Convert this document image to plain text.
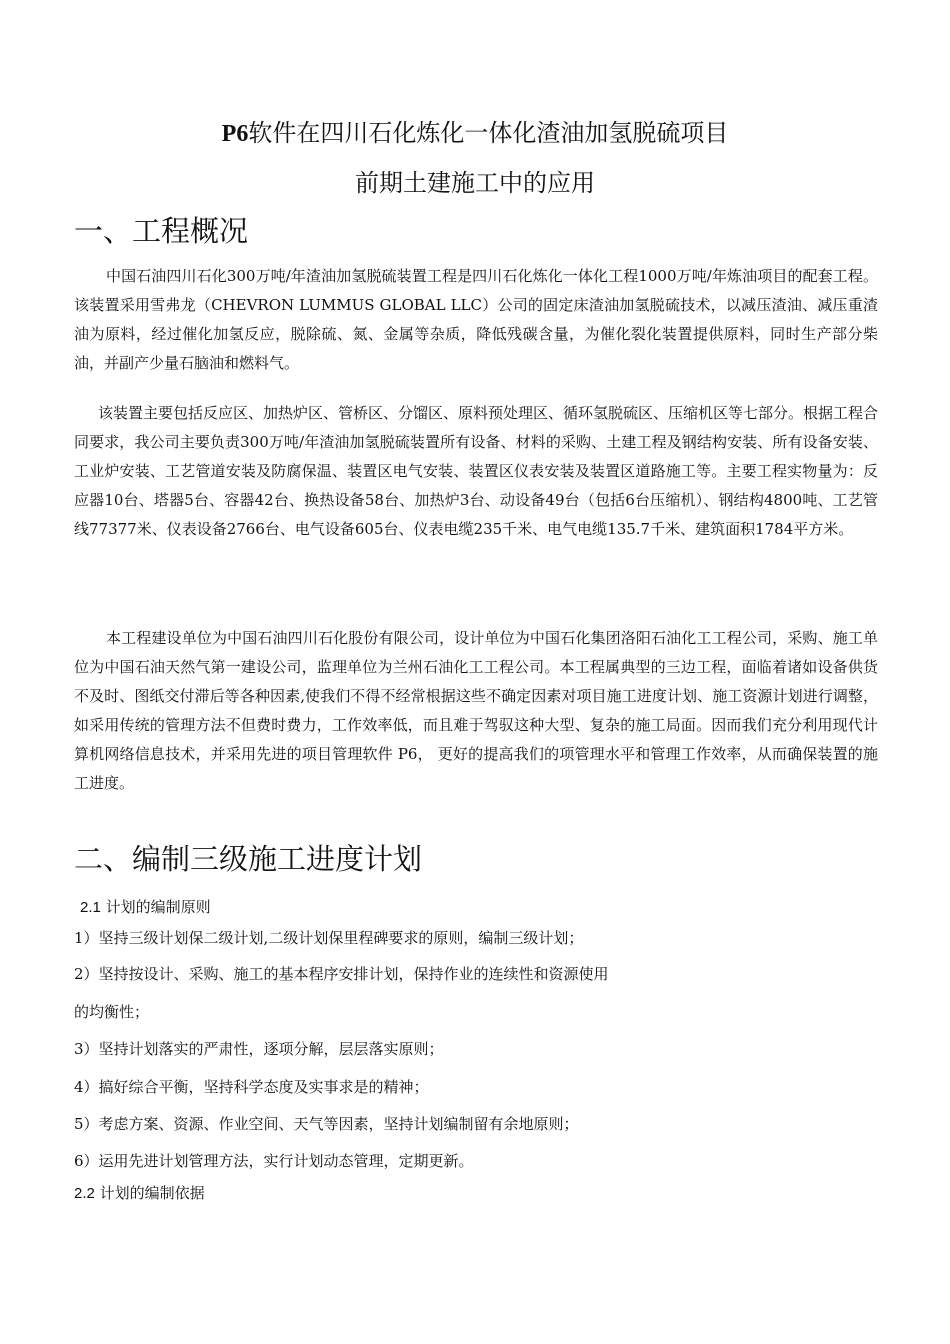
P6软件在四川石化炼化一体化渣油加氢脱硫项目
前期土建施工中的应用
一、工程概况
中国石油四川石化300万吨/年渣油加氢脱硫装置工程是四川石化炼化一体化工程1000万吨/年炼油项目的配套工程。该装置采用雪弗龙（CHEVRON LUMMUS GLOBAL LLC）公司的固定床渣油加氢脱硫技术，以减压渣油、减压重渣油为原料，经过催化加氢反应，脱除硫、氮、金属等杂质，降低残碳含量，为催化裂化装置提供原料，同时生产部分柴油，并副产少量石脑油和燃料气。
该装置主要包括反应区、加热炉区、管桥区、分馏区、原料预处理区、循环氢脱硫区、压缩机区等七部分。根据工程合同要求，我公司主要负责300万吨/年渣油加氢脱硫装置所有设备、材料的采购、土建工程及钢结构安装、所有设备安装、工业炉安装、工艺管道安装及防腐保温、装置区电气安装、装置区仪表安装及装置区道路施工等。主要工程实物量为：反应器10台、塔器5台、容器42台、换热设备58台、加热炉3台、动设备49台（包括6台压缩机）、钢结构4800吨、工艺管线77377米、仪表设备2766台、电气设备605台、仪表电缆235千米、电气电缆135.7千米、建筑面积1784平方米。
本工程建设单位为中国石油四川石化股份有限公司，设计单位为中国石化集团洛阳石油化工工程公司，采购、施工单位为中国石油天然气第一建设公司，监理单位为兰州石油化工工程公司。本工程属典型的三边工程，面临着诸如设备供货不及时、图纸交付滞后等各种因素,使我们不得不经常根据这些不确定因素对项目施工进度计划、施工资源计划进行调整，如采用传统的管理方法不但费时费力，工作效率低，而且难于驾驭这种大型、复杂的施工局面。因而我们充分利用现代计算机网络信息技术，并采用先进的项目管理软件 P6， 更好的提高我们的项管理水平和管理工作效率，从而确保装置的施工进度。
二、编制三级施工进度计划
2.1 计划的编制原则
1）坚持三级计划保二级计划,二级计划保里程碑要求的原则，编制三级计划；
2）坚持按设计、采购、施工的基本程序安排计划，保持作业的连续性和资源使用
的均衡性；
3）坚持计划落实的严肃性，逐项分解，层层落实原则；
4）搞好综合平衡，坚持科学态度及实事求是的精神；
5）考虑方案、资源、作业空间、天气等因素，坚持计划编制留有余地原则；
6）运用先进计划管理方法，实行计划动态管理，定期更新。
2.2 计划的编制依据
